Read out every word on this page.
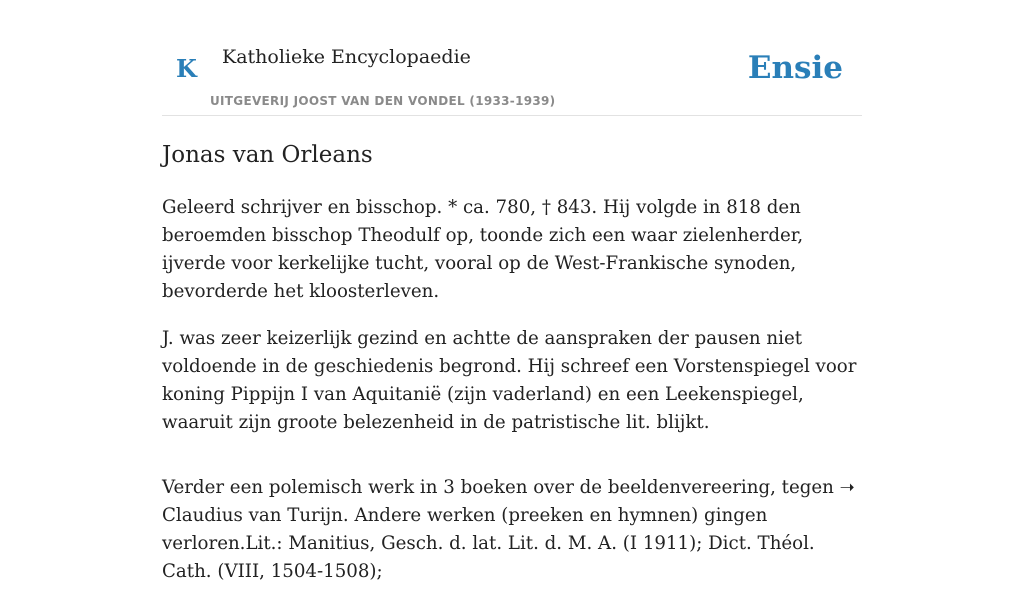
K Katholieke Encyclopaedie
UITGEVERIJ JOOST VAN DEN VONDEL (1933-1939)
Ensie
Jonas van Orleans

Geleerd schrijver en bisschop. * ca. 780, † 843. Hij volgde in 818 den beroemden bisschop Theodulf op, toonde zich een waar zielenherder, ijverde voor kerkelijke tucht, vooral op de West-Frankische synoden, bevorderde het kloosterleven.

J. was zeer keizerlijk gezind en achtte de aanspraken der pausen niet voldoende in de geschiedenis begrond. Hij schreef een Vorstenspiegel voor koning Pippijn I van Aquitanië (zijn vaderland) en een Leekenspiegel, waaruit zijn groote belezenheid in de patristische lit. blijkt.

Verder een polemisch werk in 3 boeken over de beeldenvereering, tegen ➝ Claudius van Turijn. Andere werken (preeken en hymnen) gingen verloren.Lit.: Manitius, Gesch. d. lat. Lit. d. M. A. (I 1911); Dict. Théol. Cath. (VIII, 1504-1508);
